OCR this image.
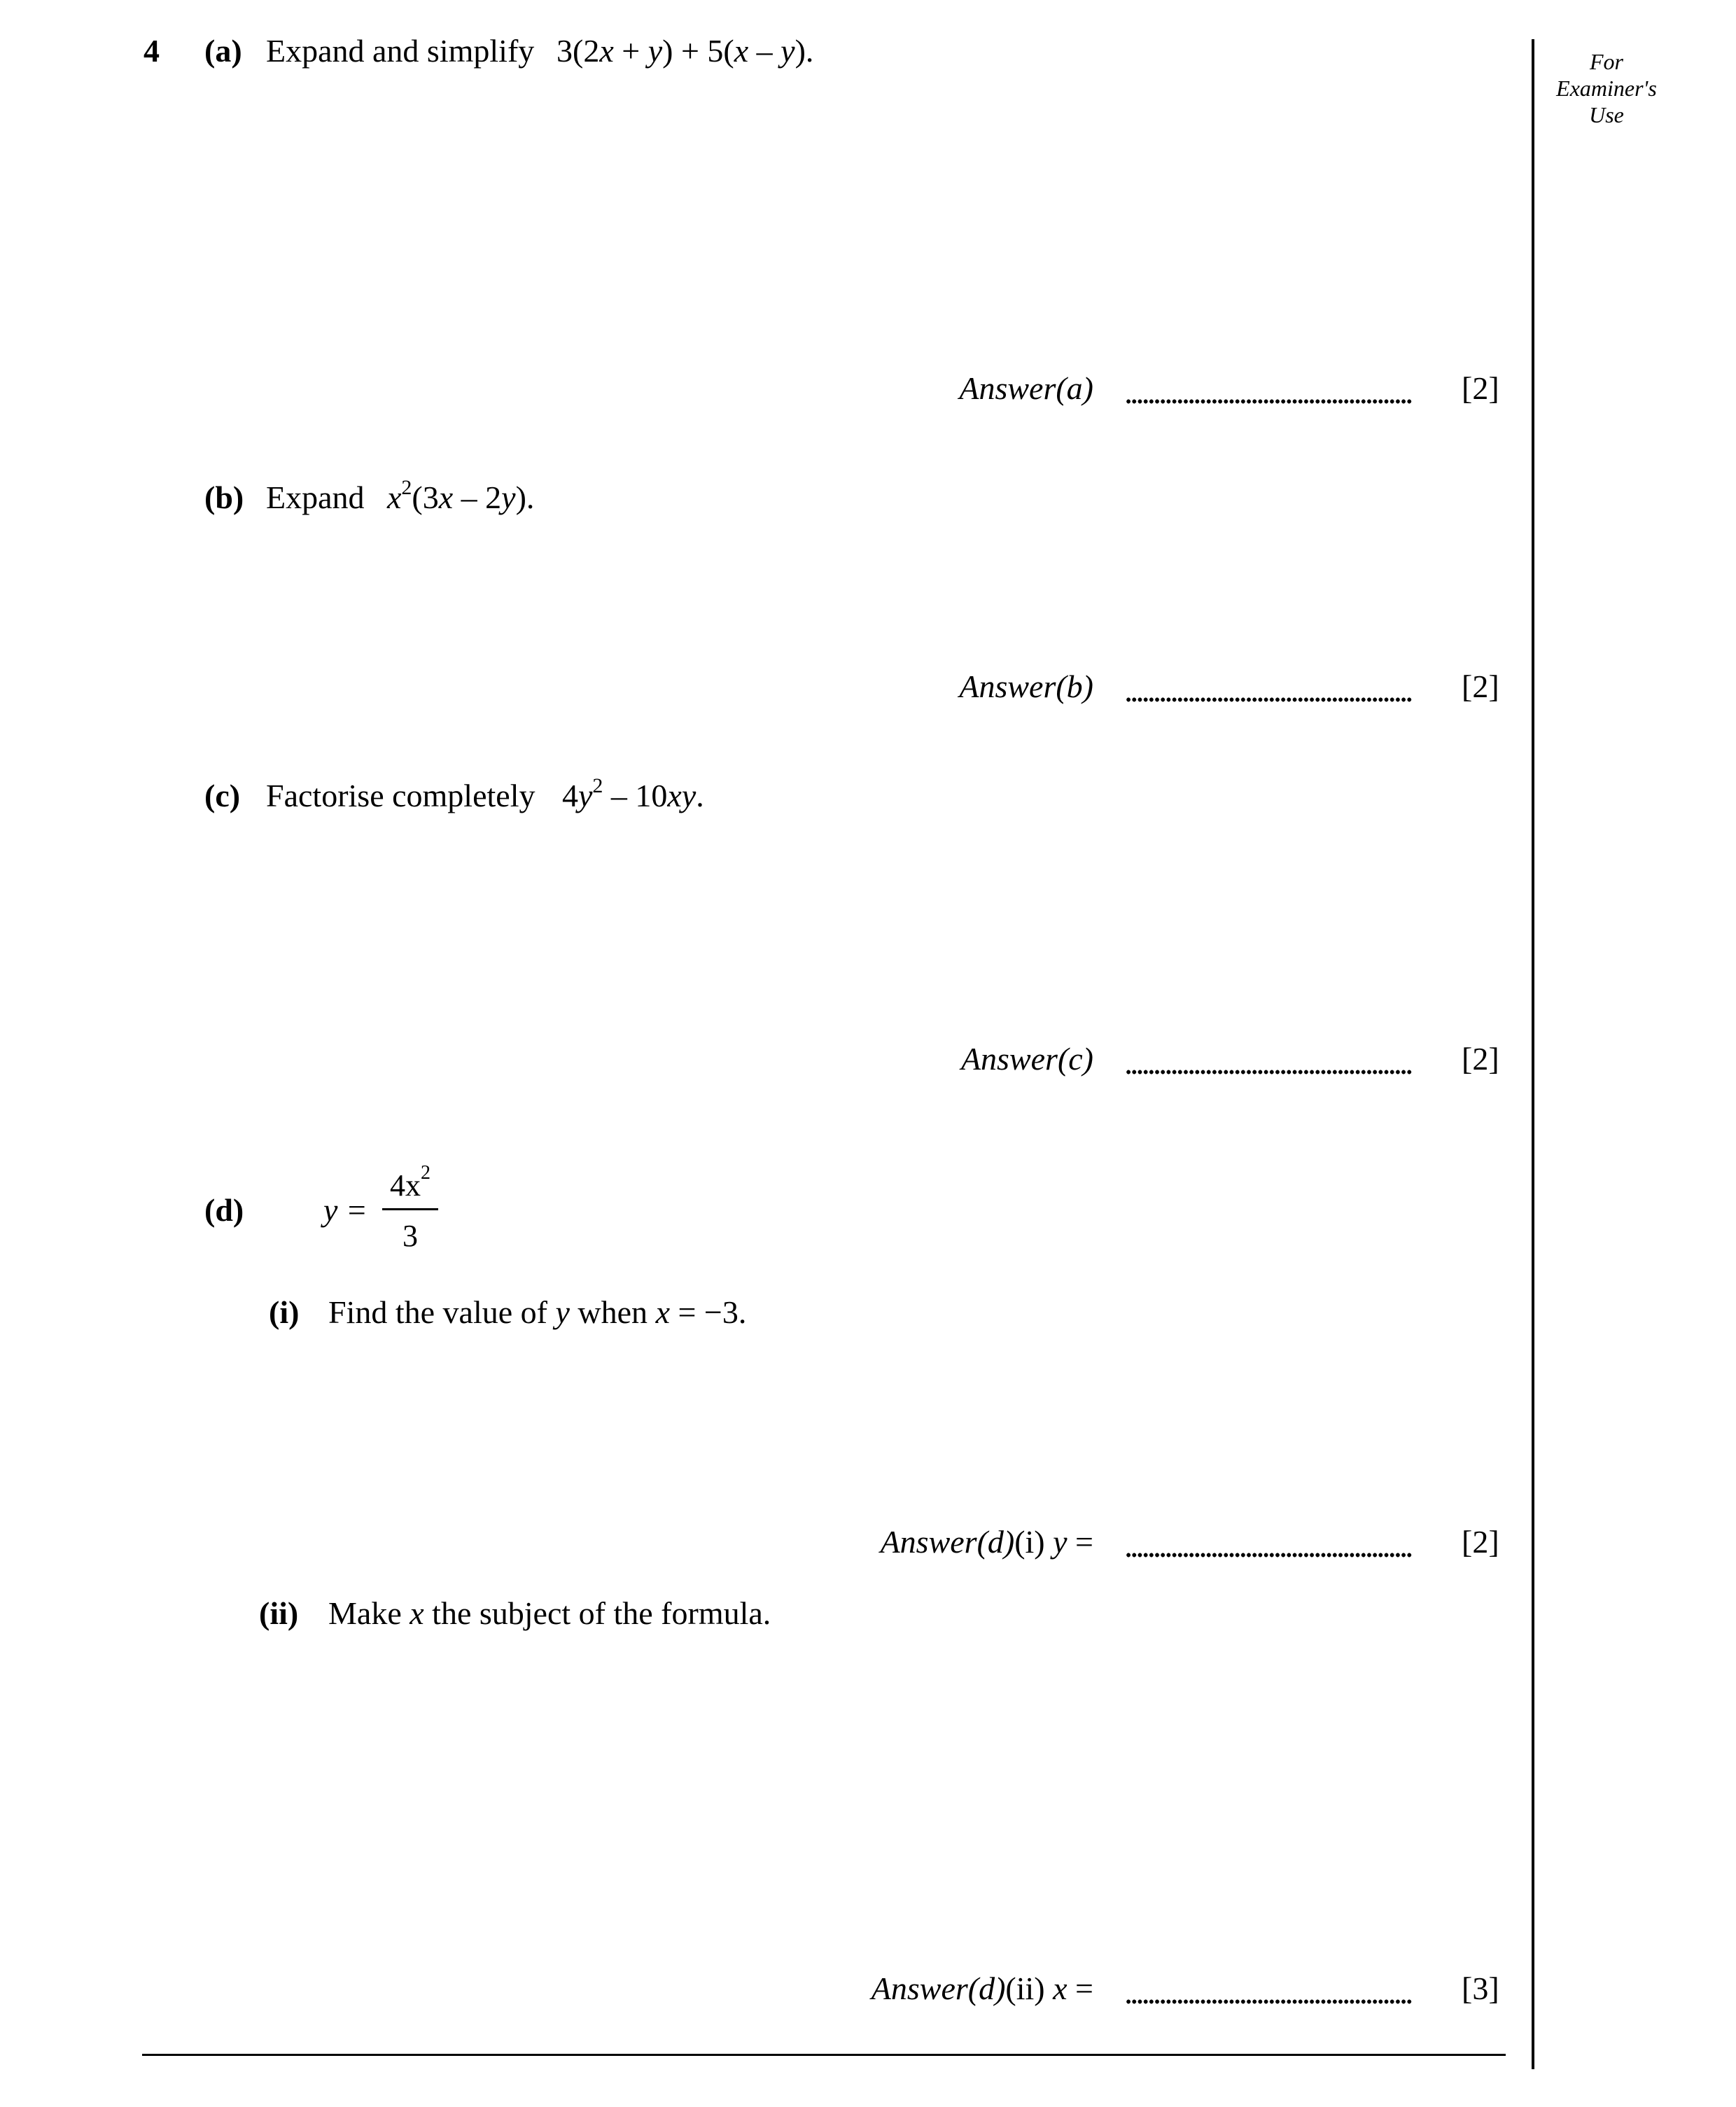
For
Examiner's
Use
4 (a) Expand and simplify 3(2x + y) + 5(x – y).
Answer(a)	[2]
(b) Expand $x^2(3x - 2y)$.
Answer(b)	[2]
(c) Factorise completely $4y^2 - 10xy$.
Answer(c)	[2]
(d) y =
$4x^2$
3
(i) Find the value of y when x = −3.
Answer(d)(i) y =	[2]
(ii) Make x the subject of the formula.
Answer(d)(ii) x =	[3]
